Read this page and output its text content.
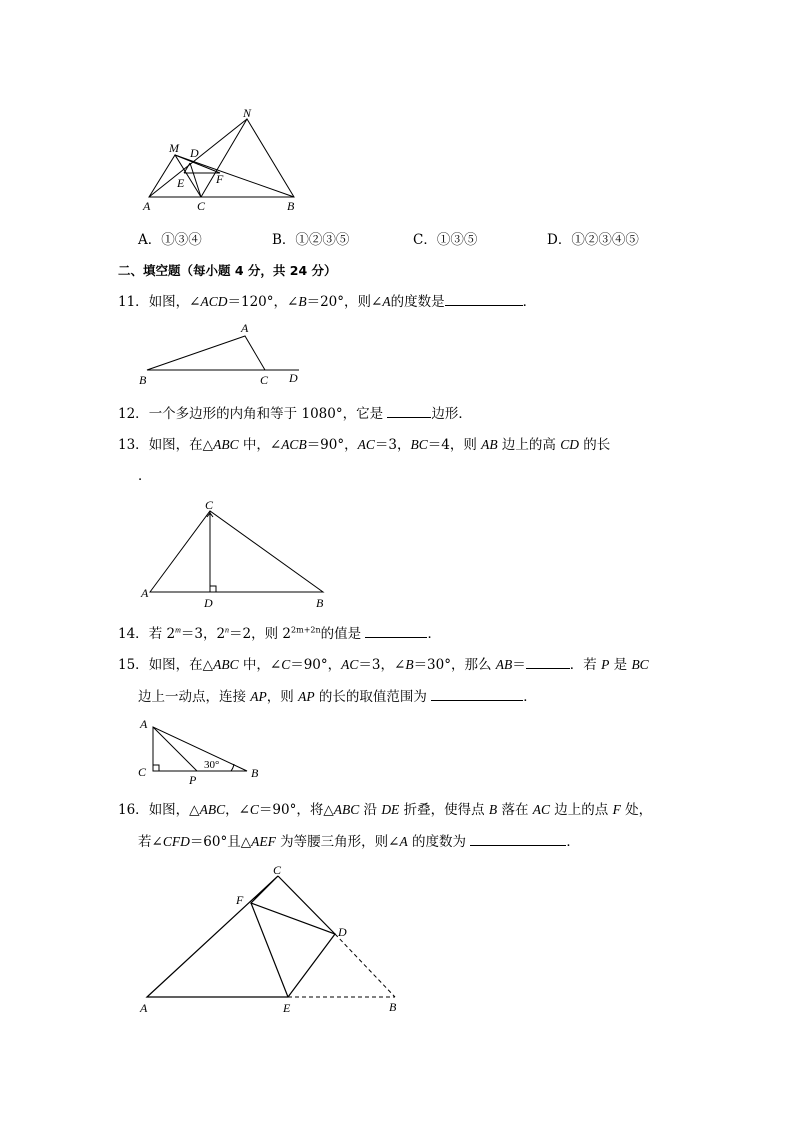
A	C	B
M D
E	F
N
A．①③④	B．①②③⑤	C．①③⑤	D．①②③④⑤
二、填空题（每小题 4 分，共 24 分）
11．如图，∠ACD＝120°，∠B＝20°，则∠A的度数是	．
B
A
C D
12．一个多边形的内角和等于 1080°，它是	边形．
13．如图，在△ABC 中，∠ACB＝90°，AC＝3，BC＝4，则 AB 边上的高 CD 的长
．
A
C
D	B
14．若 $2^m=3$，$2^n=2$，则 $2^{2m+2n}$的值是	．
15．如图，在△ABC 中，∠C＝90°，AC＝3，∠B＝30°，那么 AB＝	．若 P 是 BC
边上一动点，连接 AP，则 AP 的长的取值范围为	．
A
C
P	B
30°
16．如图，△ABC，∠C＝90°，将△ABC 沿 DE 折叠，使得点 B 落在 AC 边上的点 F 处，
若∠CFD＝60°且△AEF 为等腰三角形，则∠A 的度数为	．
A
C
F
D
E	B
